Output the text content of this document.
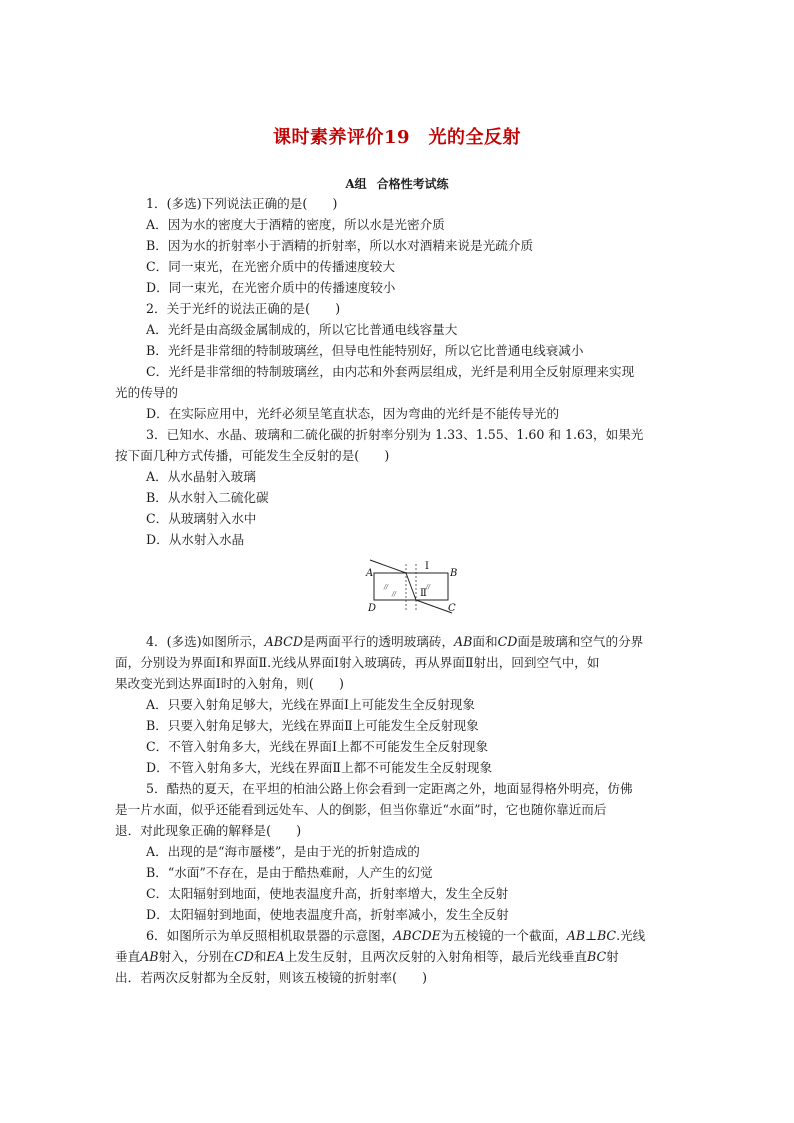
课时素养评价19　光的全反射
A组 合格性考试练
1．(多选)下列说法正确的是(　　)
A．因为水的密度大于酒精的密度，所以水是光密介质
B．因为水的折射率小于酒精的折射率，所以水对酒精来说是光疏介质
C．同一束光，在光密介质中的传播速度较大
D．同一束光，在光密介质中的传播速度较小
2．关于光纤的说法正确的是(　　)
A．光纤是由高级金属制成的，所以它比普通电线容量大
B．光纤是非常细的特制玻璃丝，但导电性能特别好，所以它比普通电线衰减小
C．光纤是非常细的特制玻璃丝，由内芯和外套两层组成，光纤是利用全反射原理来实现
光的传导的
D．在实际应用中，光纤必须呈笔直状态，因为弯曲的光纤是不能传导光的
3．已知水、水晶、玻璃和二硫化碳的折射率分别为 1.33、1.55、1.60 和 1.63，如果光
按下面几种方式传播，可能发生全反射的是(　　)
A．从水晶射入玻璃
B．从水射入二硫化碳
C．从玻璃射入水中
D．从水射入水晶
//	//
//
A	B
D	C
Ⅰ
Ⅱ
4．(多选)如图所示，ABCD是两面平行的透明玻璃砖，AB面和CD面是玻璃和空气的分界
面，分别设为界面Ⅰ和界面Ⅱ.光线从界面Ⅰ射入玻璃砖，再从界面Ⅱ射出，回到空气中，如
果改变光到达界面Ⅰ时的入射角，则(　　)
A．只要入射角足够大，光线在界面Ⅰ上可能发生全反射现象
B．只要入射角足够大，光线在界面Ⅱ上可能发生全反射现象
C．不管入射角多大，光线在界面Ⅰ上都不可能发生全反射现象
D．不管入射角多大，光线在界面Ⅱ上都不可能发生全反射现象
5．酷热的夏天，在平坦的柏油公路上你会看到一定距离之外，地面显得格外明亮，仿佛
是一片水面，似乎还能看到远处车、人的倒影，但当你靠近“水面”时，它也随你靠近而后
退．对此现象正确的解释是(　　)
A．出现的是“海市蜃楼”，是由于光的折射造成的
B．“水面”不存在，是由于酷热难耐，人产生的幻觉
C．太阳辐射到地面，使地表温度升高，折射率增大，发生全反射
D．太阳辐射到地面，使地表温度升高，折射率减小，发生全反射
6．如图所示为单反照相机取景器的示意图，ABCDE为五棱镜的一个截面，AB⊥BC.光线
垂直AB射入，分别在CD和EA上发生反射，且两次反射的入射角相等，最后光线垂直BC射
出．若两次反射都为全反射，则该五棱镜的折射率(　　)
